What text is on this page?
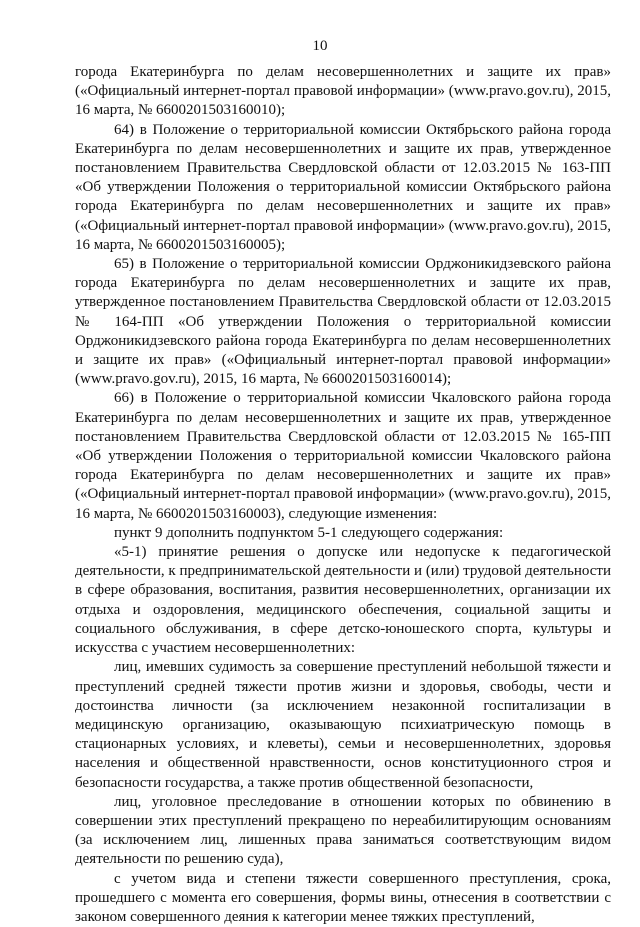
10

города Екатеринбурга по делам несовершеннолетних и защите их прав» («Официальный интернет-портал правовой информации» (www.pravo.gov.ru), 2015, 16 марта, № 6600201503160010);

64) в Положение о территориальной комиссии Октябрьского района города Екатеринбурга по делам несовершеннолетних и защите их прав, утвержденное постановлением Правительства Свердловской области от 12.03.2015 № 163-ПП «Об утверждении Положения о территориальной комиссии Октябрьского района города Екатеринбурга по делам несовершеннолетних и защите их прав» («Официальный интернет-портал правовой информации» (www.pravo.gov.ru), 2015, 16 марта, № 6600201503160005);

65) в Положение о территориальной комиссии Орджоникидзевского района города Екатеринбурга по делам несовершеннолетних и защите их прав, утвержденное постановлением Правительства Свердловской области от 12.03.2015 № 164-ПП «Об утверждении Положения о территориальной комиссии Орджоникидзевского района города Екатеринбурга по делам несовершеннолетних и защите их прав» («Официальный интернет-портал правовой информации» (www.pravo.gov.ru), 2015, 16 марта, № 6600201503160014);

66) в Положение о территориальной комиссии Чкаловского района города Екатеринбурга по делам несовершеннолетних и защите их прав, утвержденное постановлением Правительства Свердловской области от 12.03.2015 № 165-ПП «Об утверждении Положения о территориальной комиссии Чкаловского района города Екатеринбурга по делам несовершеннолетних и защите их прав» («Официальный интернет-портал правовой информации» (www.pravo.gov.ru), 2015, 16 марта, № 6600201503160003), следующие изменения:

пункт 9 дополнить подпунктом 5-1 следующего содержания:

«5-1) принятие решения о допуске или недопуске к педагогической деятельности, к предпринимательской деятельности и (или) трудовой деятельности в сфере образования, воспитания, развития несовершеннолетних, организации их отдыха и оздоровления, медицинского обеспечения, социальной защиты и социального обслуживания, в сфере детско-юношеского спорта, культуры и искусства с участием несовершеннолетних:

лиц, имевших судимость за совершение преступлений небольшой тяжести и преступлений средней тяжести против жизни и здоровья, свободы, чести и достоинства личности (за исключением незаконной госпитализации в медицинскую организацию, оказывающую психиатрическую помощь в стационарных условиях, и клеветы), семьи и несовершеннолетних, здоровья населения и общественной нравственности, основ конституционного строя и безопасности государства, а также против общественной безопасности,

лиц, уголовное преследование в отношении которых по обвинению в совершении этих преступлений прекращено по нереабилитирующим основаниям (за исключением лиц, лишенных права заниматься соответствующим видом деятельности по решению суда),

с учетом вида и степени тяжести совершенного преступления, срока, прошедшего с момента его совершения, формы вины, отнесения в соответствии с законом совершенного деяния к категории менее тяжких преступлений,
